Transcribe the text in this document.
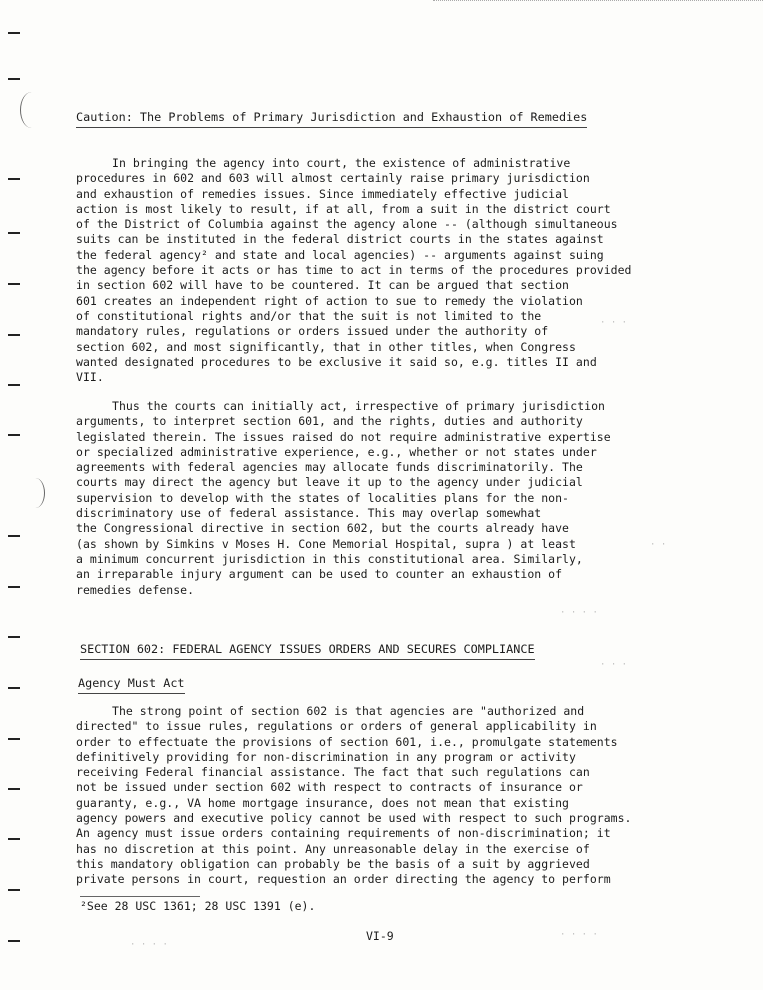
Caution: The Problems of Primary Jurisdiction and Exhaustion of Remedies
In bringing the agency into court, the existence of administrative
procedures in 602 and 603 will almost certainly raise primary jurisdiction
and exhaustion of remedies issues. Since immediately effective judicial
action is most likely to result, if at all, from a suit in the district court
of the District of Columbia against the agency alone -- (although simultaneous
suits can be instituted in the federal district courts in the states against
the federal agency² and state and local agencies) -- arguments against suing
the agency before it acts or has time to act in terms of the procedures provided
in section 602 will have to be countered. It can be argued that section
601 creates an independent right of action to sue to remedy the violation
of constitutional rights and/or that the suit is not limited to the
mandatory rules, regulations or orders issued under the authority of
section 602, and most significantly, that in other titles, when Congress
wanted designated procedures to be exclusive it said so, e.g. titles II and
VII.
Thus the courts can initially act, irrespective of primary jurisdiction
arguments, to interpret section 601, and the rights, duties and authority
legislated therein. The issues raised do not require administrative expertise
or specialized administrative experience, e.g., whether or not states under
agreements with federal agencies may allocate funds discriminatorily. The
courts may direct the agency but leave it up to the agency under judicial
supervision to develop with the states of localities plans for the non-
discriminatory use of federal assistance. This may overlap somewhat
the Congressional directive in section 602, but the courts already have
(as shown by Simkins v Moses H. Cone Memorial Hospital, supra ) at least
a minimum concurrent jurisdiction in this constitutional area. Similarly,
an irreparable injury argument can be used to counter an exhaustion of
remedies defense.
SECTION 602: FEDERAL AGENCY ISSUES ORDERS AND SECURES COMPLIANCE
Agency Must Act
The strong point of section 602 is that agencies are "authorized and
directed" to issue rules, regulations or orders of general applicability in
order to effectuate the provisions of section 601, i.e., promulgate statements
definitively providing for non-discrimination in any program or activity
receiving Federal financial assistance. The fact that such regulations can
not be issued under section 602 with respect to contracts of insurance or
guaranty, e.g., VA home mortgage insurance, does not mean that existing
agency powers and executive policy cannot be used with respect to such programs.
An agency must issue orders containing requirements of non-discrimination; it
has no discretion at this point. Any unreasonable delay in the exercise of
this mandatory obligation can probably be the basis of a suit by aggrieved
private persons in court, requestion an order directing the agency to perform
²See 28 USC 1361; 28 USC 1391 (e).
VI-9
· · ·
· ·
· · · ·
· · ·
· · · ·
· · · ·
